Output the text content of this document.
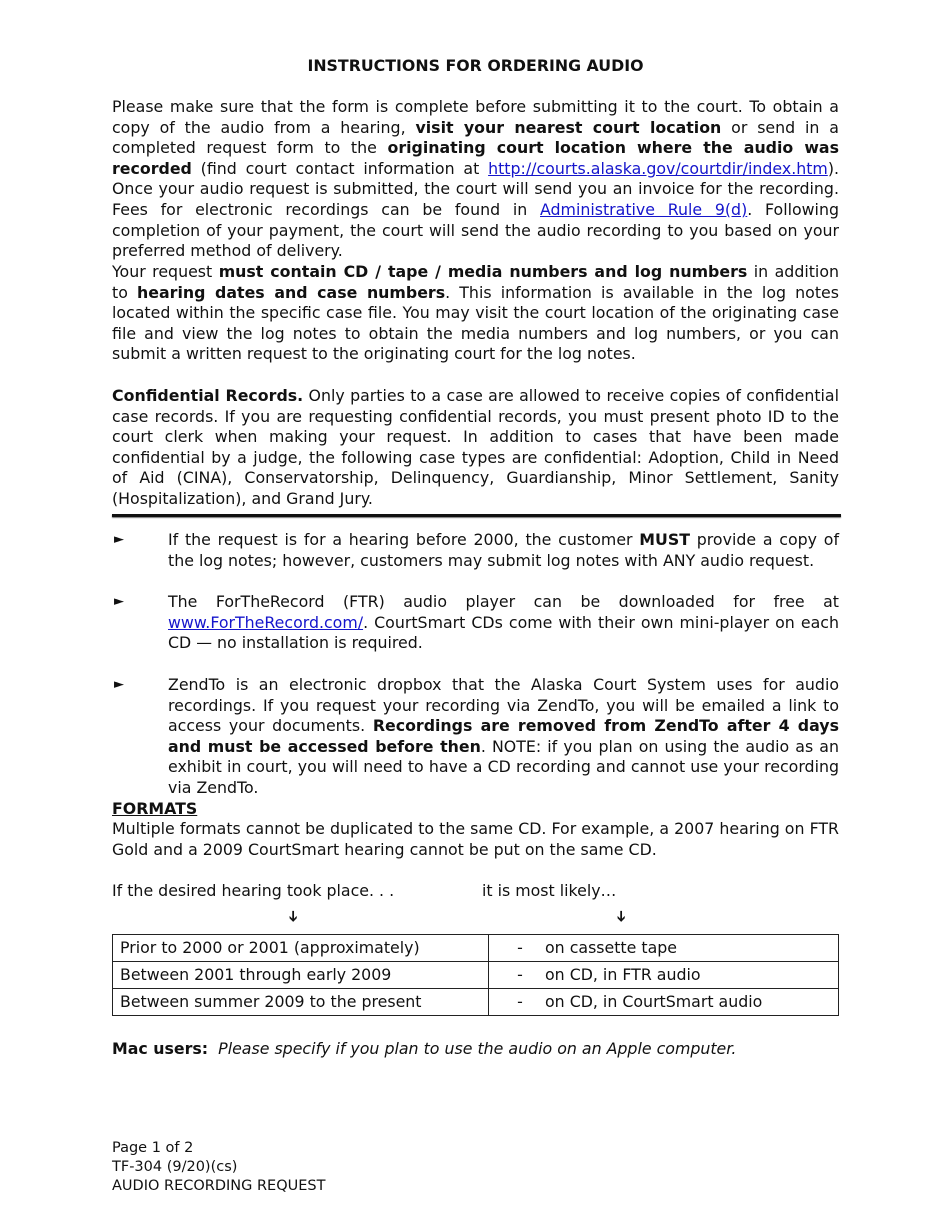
INSTRUCTIONS FOR ORDERING AUDIO

Please make sure that the form is complete before submitting it to the court. To obtain a copy of the audio from a hearing, visit your nearest court location or send in a completed request form to the originating court location where the audio was recorded (find court contact information at http://courts.alaska.gov/courtdir/index.htm). Once your audio request is submitted, the court will send you an invoice for the recording. Fees for electronic recordings can be found in Administrative Rule 9(d). Following completion of your payment, the court will send the audio recording to you based on your preferred method of delivery.

Your request must contain CD / tape / media numbers and log numbers in addition to hearing dates and case numbers. This information is available in the log notes located within the specific case file. You may visit the court location of the originating case file and view the log notes to obtain the media numbers and log numbers, or you can submit a written request to the originating court for the log notes.

Confidential Records. Only parties to a case are allowed to receive copies of confidential case records. If you are requesting confidential records, you must present photo ID to the court clerk when making your request. In addition to cases that have been made confidential by a judge, the following case types are confidential: Adoption, Child in Need of Aid (CINA), Conservatorship, Delinquency, Guardianship, Minor Settlement, Sanity (Hospitalization), and Grand Jury.

►	If the request is for a hearing before 2000, the customer MUST provide a copy of the log notes; however, customers may submit log notes with ANY audio request.

►	The ForTheRecord (FTR) audio player can be downloaded for free at www.ForTheRecord.com/. CourtSmart CDs come with their own mini-player on each CD — no installation is required.

►	ZendTo is an electronic dropbox that the Alaska Court System uses for audio recordings. If you request your recording via ZendTo, you will be emailed a link to access your documents. Recordings are removed from ZendTo after 4 days and must be accessed before then. NOTE: if you plan on using the audio as an exhibit in court, you will need to have a CD recording and cannot use your recording via ZendTo.

FORMATS

Multiple formats cannot be duplicated to the same CD. For example, a 2007 hearing on FTR Gold and a 2009 CourtSmart hearing cannot be put on the same CD.

If the desired hearing took place. . .	it is most likely…
➔	➔
Prior to 2000 or 2001 (approximately)	- on cassette tape
Between 2001 through early 2009	- on CD, in FTR audio
Between summer 2009 to the present	- on CD, in CourtSmart audio
Mac users: Please specify if you plan to use the audio on an Apple computer.
Page 1 of 2
TF-304 (9/20)(cs)
AUDIO RECORDING REQUEST
